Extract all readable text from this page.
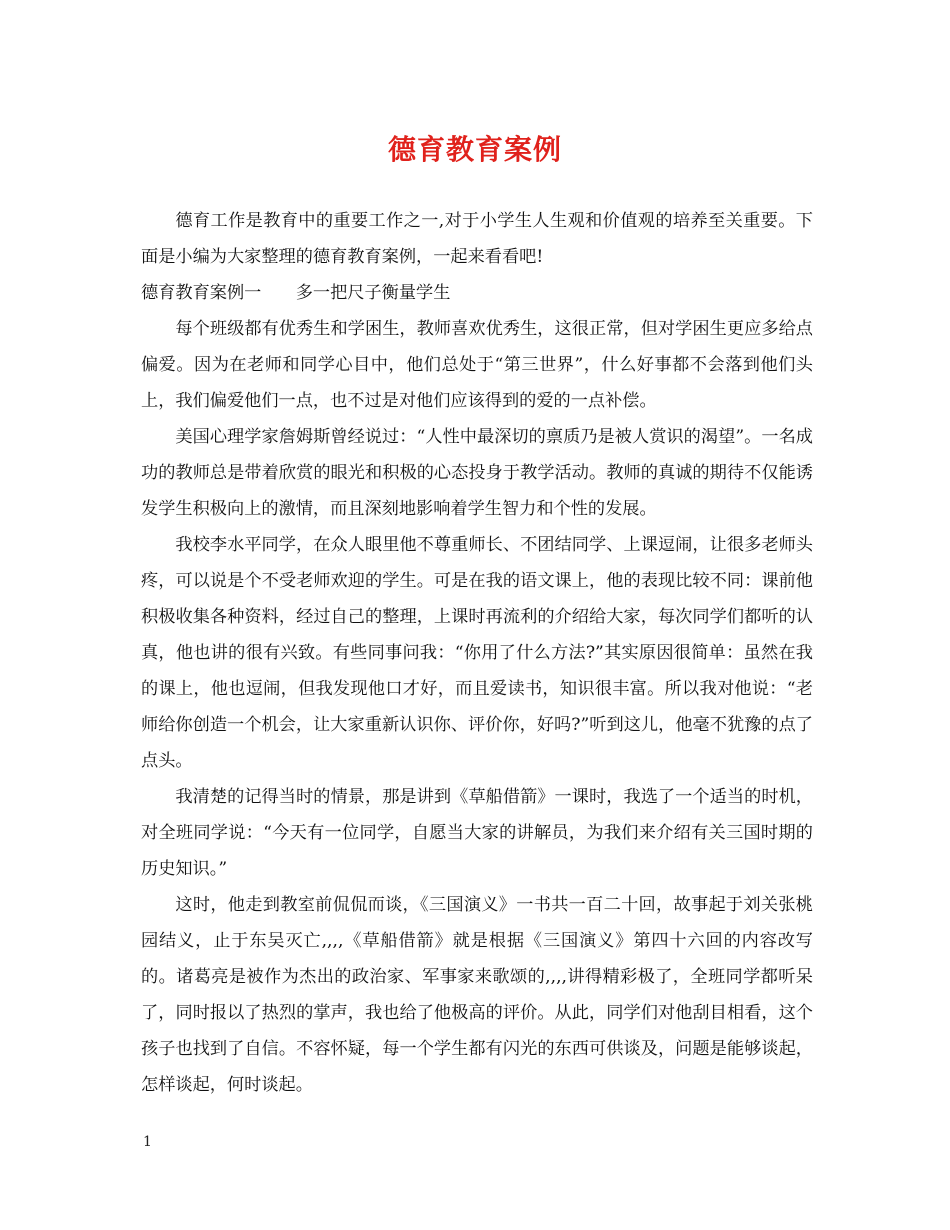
德育教育案例

德育工作是教育中的重要工作之一,对于小学生人生观和价值观的培养至关重要。下面是小编为大家整理的德育教育案例，一起来看看吧!

德育教育案例一　　多一把尺子衡量学生

每个班级都有优秀生和学困生，教师喜欢优秀生，这很正常，但对学困生更应多给点偏爱。因为在老师和同学心目中，他们总处于“第三世界”，什么好事都不会落到他们头上，我们偏爱他们一点，也不过是对他们应该得到的爱的一点补偿。

美国心理学家詹姆斯曾经说过：“人性中最深切的禀质乃是被人赏识的渴望”。一名成功的教师总是带着欣赏的眼光和积极的心态投身于教学活动。教师的真诚的期待不仅能诱发学生积极向上的激情，而且深刻地影响着学生智力和个性的发展。

我校李水平同学，在众人眼里他不尊重师长、不团结同学、上课逗闹，让很多老师头疼，可以说是个不受老师欢迎的学生。可是在我的语文课上，他的表现比较不同：课前他积极收集各种资料，经过自己的整理，上课时再流利的介绍给大家，每次同学们都听的认真，他也讲的很有兴致。有些同事问我：“你用了什么方法?”其实原因很简单：虽然在我的课上，他也逗闹，但我发现他口才好，而且爱读书，知识很丰富。所以我对他说：“老师给你创造一个机会，让大家重新认识你、评价你，好吗?”听到这儿，他毫不犹豫的点了点头。

我清楚的记得当时的情景，那是讲到《草船借箭》一课时，我选了一个适当的时机，对全班同学说：“今天有一位同学，自愿当大家的讲解员，为我们来介绍有关三国时期的历史知识。”

这时，他走到教室前侃侃而谈，《三国演义》一书共一百二十回，故事起于刘关张桃园结义，止于东吴灭亡,,,,《草船借箭》就是根据《三国演义》第四十六回的内容改写的。诸葛亮是被作为杰出的政治家、军事家来歌颂的,,,,讲得精彩极了，全班同学都听呆了，同时报以了热烈的掌声，我也给了他极高的评价。从此，同学们对他刮目相看，这个孩子也找到了自信。不容怀疑，每一个学生都有闪光的东西可供谈及，问题是能够谈起，怎样谈起，何时谈起。

1
